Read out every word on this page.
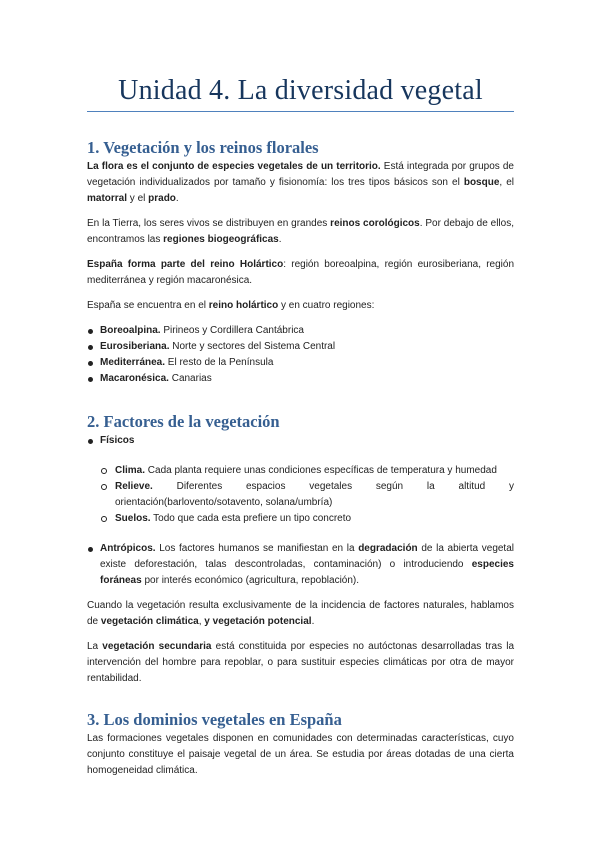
Unidad 4. La diversidad vegetal
1. Vegetación y los reinos florales

La flora es el conjunto de especies vegetales de un territorio. Está integrada por grupos de vegetación individualizados por tamaño y fisionomía: los tres tipos básicos son el bosque, el matorral y el prado.

En la Tierra, los seres vivos se distribuyen en grandes reinos corológicos. Por debajo de ellos, encontramos las regiones biogeográficas.

España forma parte del reino Holártico: región boreoalpina, región eurosiberiana, región mediterránea y región macaronésica.

España se encuentra en el reino holártico y en cuatro regiones:

Boreoalpina. Pirineos y Cordillera Cantábrica
Eurosiberiana. Norte y sectores del Sistema Central
Mediterránea. El resto de la Península
Macaronésica. Canarias
2. Factores de la vegetación
Físicos
Clima. Cada planta requiere unas condiciones específicas de temperatura y humedad
Relieve. Diferentes espacios vegetales según la altitud y orientación(barlovento/sotavento, solana/umbría)
Suelos. Todo que cada esta prefiere un tipo concreto
Antrópicos. Los factores humanos se manifiestan en la degradación de la abierta vegetal existe deforestación, talas descontroladas, contaminación) o introduciendo especies foráneas por interés económico (agricultura, repoblación).

Cuando la vegetación resulta exclusivamente de la incidencia de factores naturales, hablamos de vegetación climática, y vegetación potencial.

La vegetación secundaria está constituida por especies no autóctonas desarrolladas tras la intervención del hombre para repoblar, o para sustituir especies climáticas por otra de mayor rentabilidad.

3. Los dominios vegetales en España

Las formaciones vegetales disponen en comunidades con determinadas características, cuyo conjunto constituye el paisaje vegetal de un área. Se estudia por áreas dotadas de una cierta homogeneidad climática.
